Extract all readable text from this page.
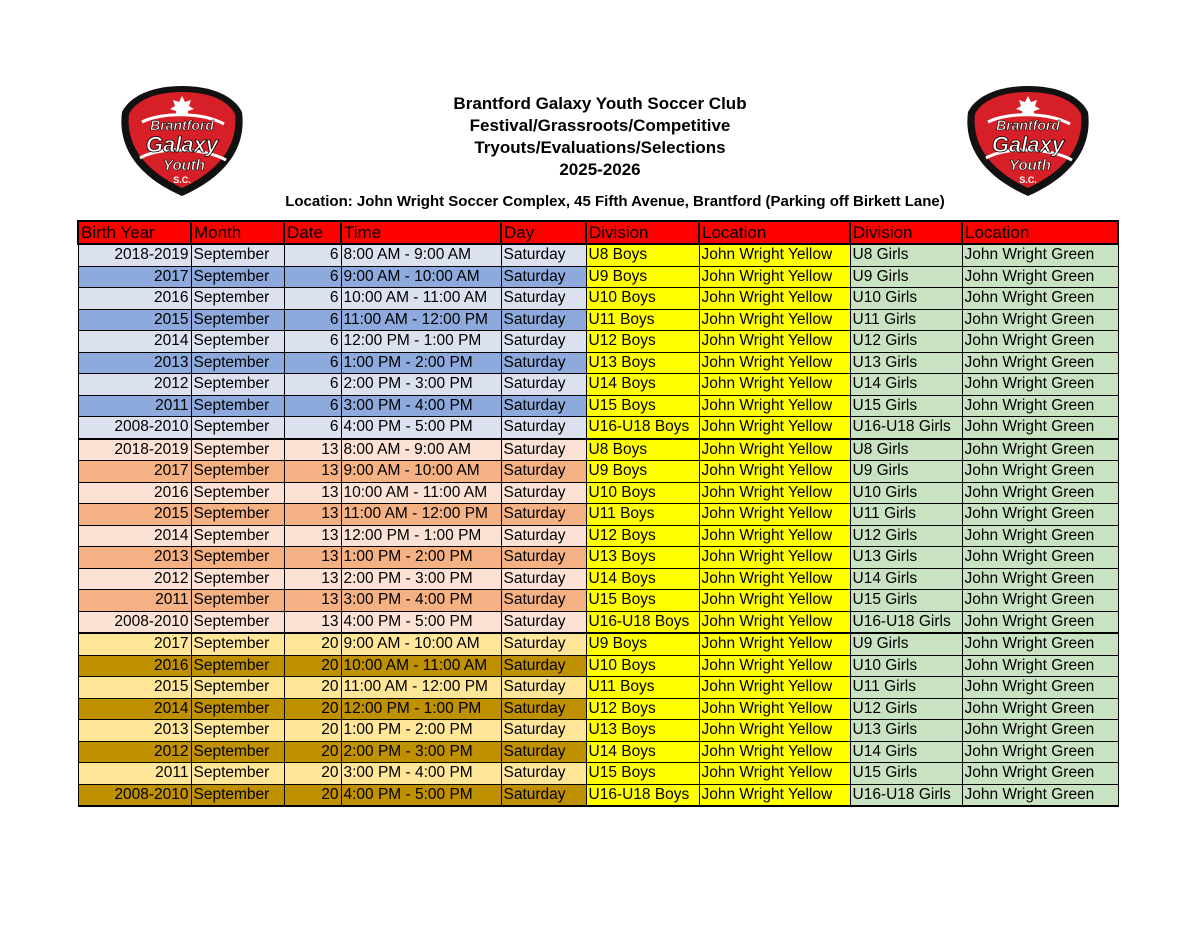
Brantford
Galaxy
Youth
S.C.
Brantford
Galaxy
Youth
S.C.
Brantford Galaxy Youth Soccer Club
Festival/Grassroots/Competitive
Tryouts/Evaluations/Selections
2025-2026
Location: John Wright Soccer Complex, 45 Fifth Avenue, Brantford (Parking off Birkett Lane)
Birth Year	Month	Date	Time	Day	Division	Location	Division	Location
2018-2019	September	6	8:00 AM - 9:00 AM	Saturday	U8 Boys	John Wright Yellow	U8 Girls	John Wright Green
2017	September	6	9:00 AM - 10:00 AM	Saturday	U9 Boys	John Wright Yellow	U9 Girls	John Wright Green
2016	September	6	10:00 AM - 11:00 AM	Saturday	U10 Boys	John Wright Yellow	U10 Girls	John Wright Green
2015	September	6	11:00 AM - 12:00 PM	Saturday	U11 Boys	John Wright Yellow	U11 Girls	John Wright Green
2014	September	6	12:00 PM - 1:00 PM	Saturday	U12 Boys	John Wright Yellow	U12 Girls	John Wright Green
2013	September	6	1:00 PM - 2:00 PM	Saturday	U13 Boys	John Wright Yellow	U13 Girls	John Wright Green
2012	September	6	2:00 PM - 3:00 PM	Saturday	U14 Boys	John Wright Yellow	U14 Girls	John Wright Green
2011	September	6	3:00 PM - 4:00 PM	Saturday	U15 Boys	John Wright Yellow	U15 Girls	John Wright Green
2008-2010	September	6	4:00 PM - 5:00 PM	Saturday	U16-U18 Boys	John Wright Yellow	U16-U18 Girls	John Wright Green
2018-2019	September	13	8:00 AM - 9:00 AM	Saturday	U8 Boys	John Wright Yellow	U8 Girls	John Wright Green
2017	September	13	9:00 AM - 10:00 AM	Saturday	U9 Boys	John Wright Yellow	U9 Girls	John Wright Green
2016	September	13	10:00 AM - 11:00 AM	Saturday	U10 Boys	John Wright Yellow	U10 Girls	John Wright Green
2015	September	13	11:00 AM - 12:00 PM	Saturday	U11 Boys	John Wright Yellow	U11 Girls	John Wright Green
2014	September	13	12:00 PM - 1:00 PM	Saturday	U12 Boys	John Wright Yellow	U12 Girls	John Wright Green
2013	September	13	1:00 PM - 2:00 PM	Saturday	U13 Boys	John Wright Yellow	U13 Girls	John Wright Green
2012	September	13	2:00 PM - 3:00 PM	Saturday	U14 Boys	John Wright Yellow	U14 Girls	John Wright Green
2011	September	13	3:00 PM - 4:00 PM	Saturday	U15 Boys	John Wright Yellow	U15 Girls	John Wright Green
2008-2010	September	13	4:00 PM - 5:00 PM	Saturday	U16-U18 Boys	John Wright Yellow	U16-U18 Girls	John Wright Green
2017	September	20	9:00 AM - 10:00 AM	Saturday	U9 Boys	John Wright Yellow	U9 Girls	John Wright Green
2016	September	20	10:00 AM - 11:00 AM	Saturday	U10 Boys	John Wright Yellow	U10 Girls	John Wright Green
2015	September	20	11:00 AM - 12:00 PM	Saturday	U11 Boys	John Wright Yellow	U11 Girls	John Wright Green
2014	September	20	12:00 PM - 1:00 PM	Saturday	U12 Boys	John Wright Yellow	U12 Girls	John Wright Green
2013	September	20	1:00 PM - 2:00 PM	Saturday	U13 Boys	John Wright Yellow	U13 Girls	John Wright Green
2012	September	20	2:00 PM - 3:00 PM	Saturday	U14 Boys	John Wright Yellow	U14 Girls	John Wright Green
2011	September	20	3:00 PM - 4:00 PM	Saturday	U15 Boys	John Wright Yellow	U15 Girls	John Wright Green
2008-2010	September	20	4:00 PM - 5:00 PM	Saturday	U16-U18 Boys	John Wright Yellow	U16-U18 Girls	John Wright Green
